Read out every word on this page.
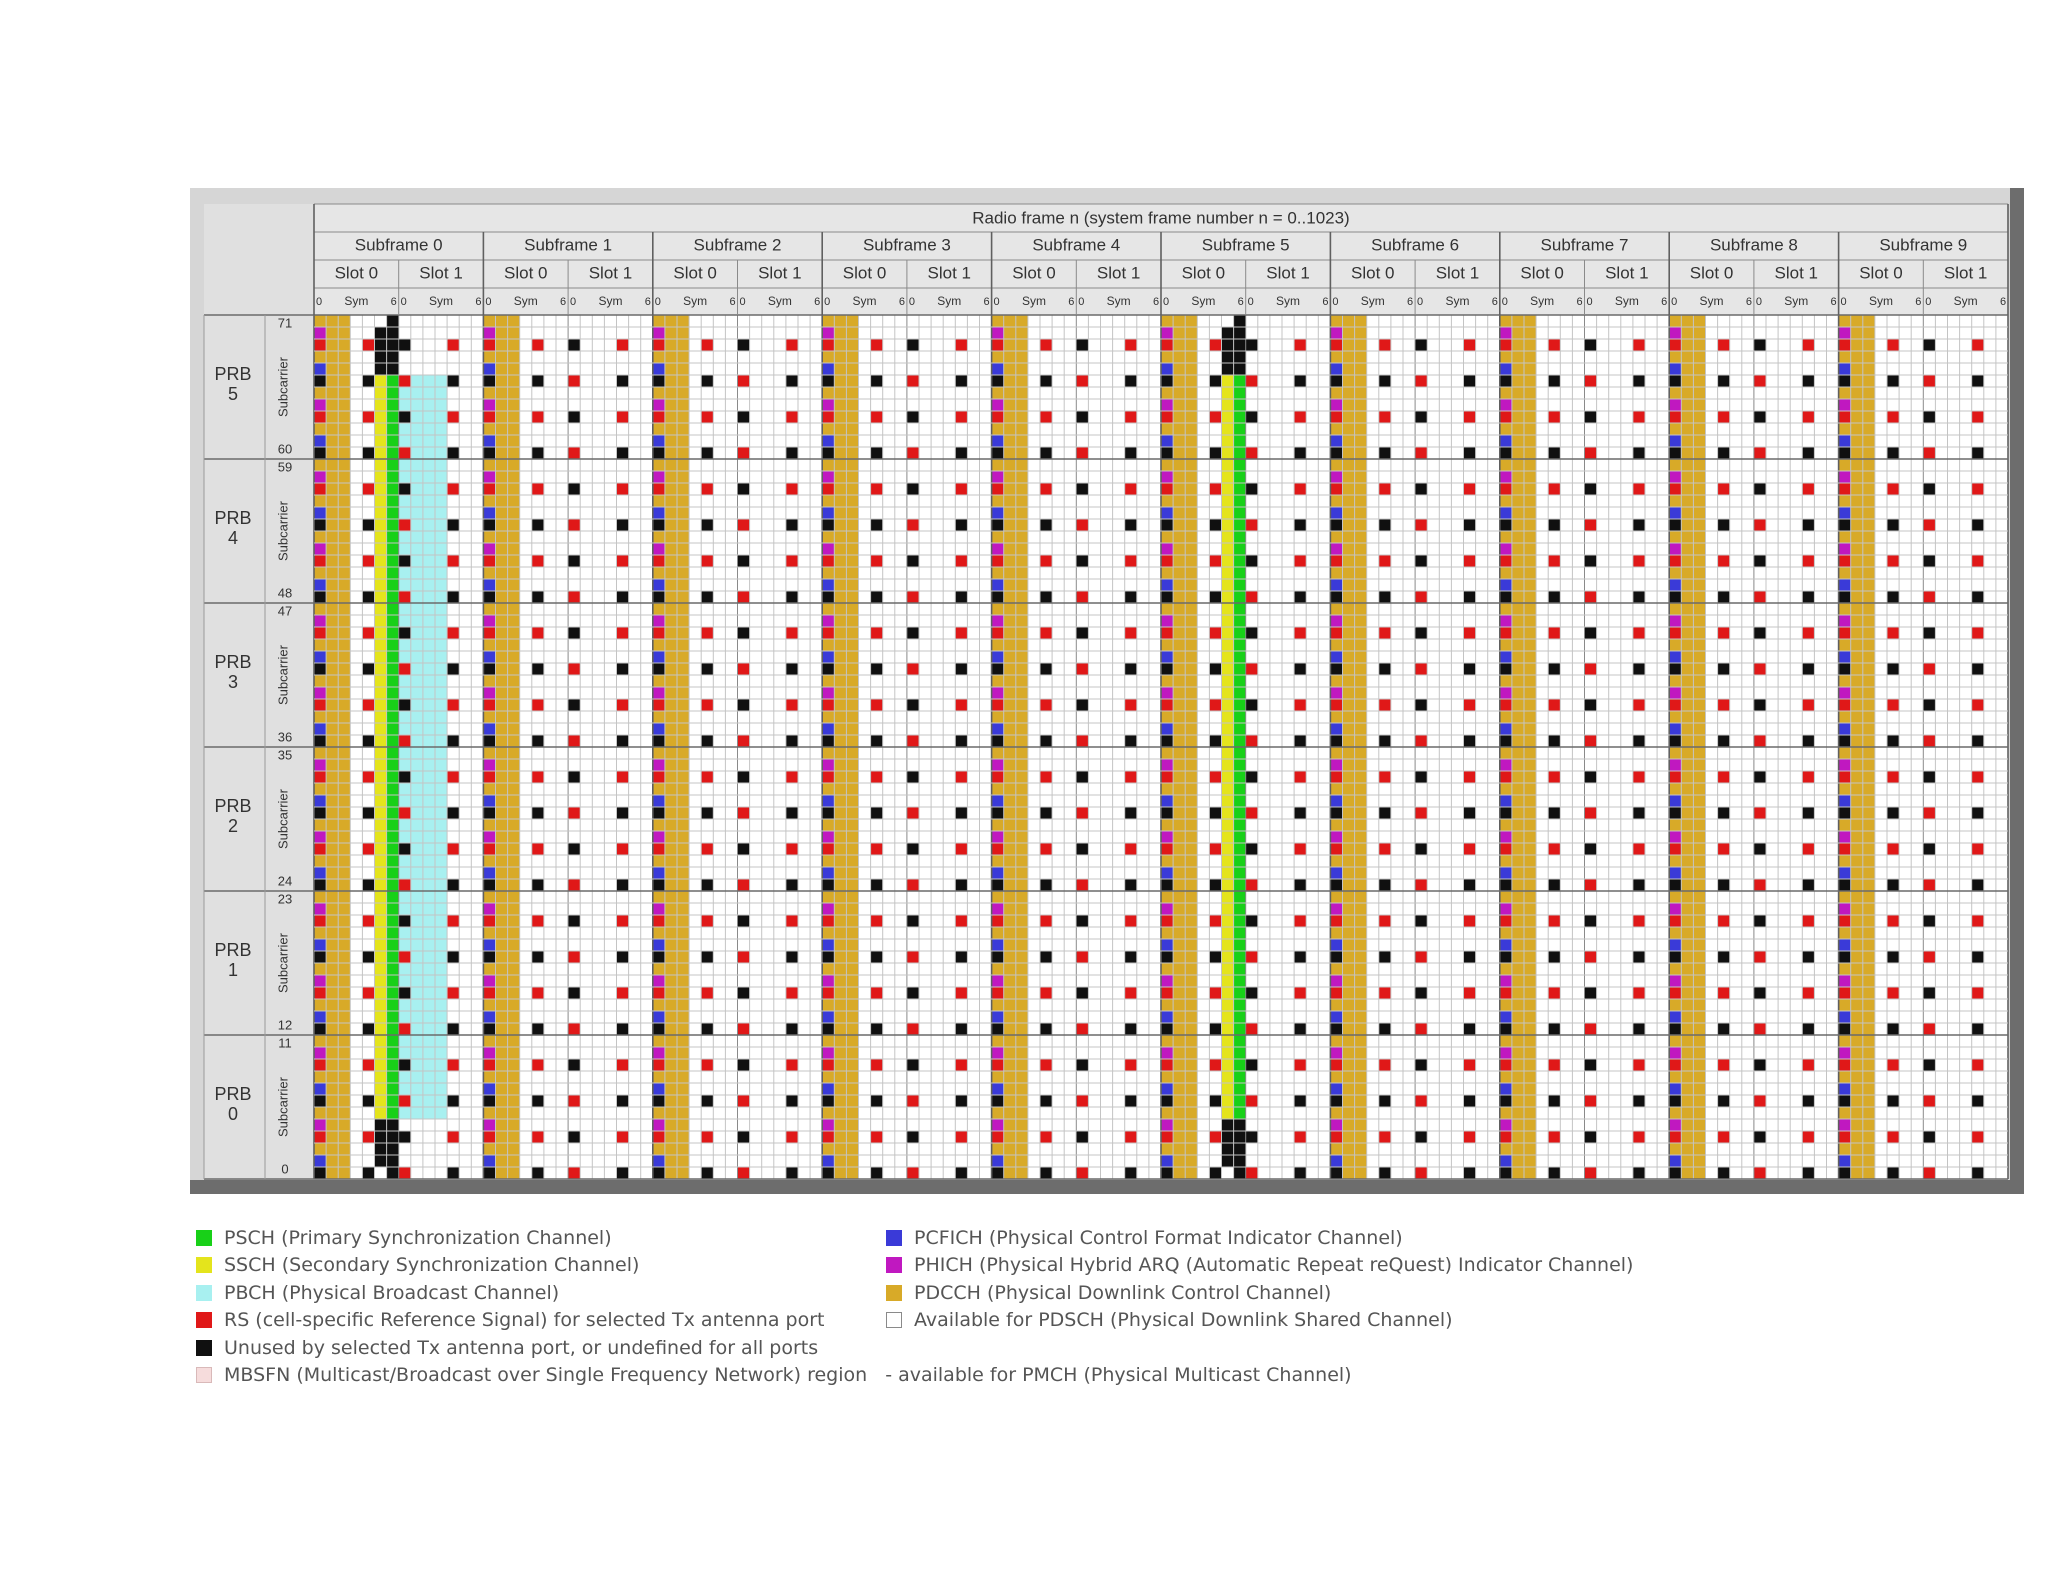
Radio frame n (system frame number n = 0..1023)
Subframe 0
Slot 0
0 Sym 6
Slot 1
0 Sym 6
Subframe 1
Slot 0
0 Sym 6
Slot 1
0 Sym 6
Subframe 2
Slot 0
0 Sym 6
Slot 1
0 Sym 6
Subframe 3
Slot 0
0 Sym 6
Slot 1
0 Sym 6
Subframe 4
Slot 0
0 Sym 6
Slot 1
0 Sym 6
Subframe 5
Slot 0
0 Sym 6
Slot 1
0 Sym 6
Subframe 6
Slot 0
0 Sym 6
Slot 1
0 Sym 6
Subframe 7
Slot 0
0 Sym 6
Slot 1
0 Sym 6
Subframe 8
Slot 0
0 Sym 6
Slot 1
0 Sym 6
Subframe 9
Slot 0
0 Sym 6
Slot 1
0 Sym 6
PRB
5
71
60
Subcarrier
PRB
4
59
48
Subcarrier
PRB
3
47
36
Subcarrier
PRB
2
35
24
Subcarrier
PRB
1
23
12
Subcarrier
PRB
0
11
0
Subcarrier
PSCH (Primary Synchronization Channel)
SSCH (Secondary Synchronization Channel)
PBCH (Physical Broadcast Channel)
RS (cell-specific Reference Signal) for selected Tx antenna port
Unused by selected Tx antenna port, or undefined for all ports
MBSFN (Multicast/Broadcast over Single Frequency Network) region - available for PMCH (Physical Multicast Channel)
PCFICH (Physical Control Format Indicator Channel)
PHICH (Physical Hybrid ARQ (Automatic Repeat reQuest) Indicator Channel)
PDCCH (Physical Downlink Control Channel)
Available for PDSCH (Physical Downlink Shared Channel)
